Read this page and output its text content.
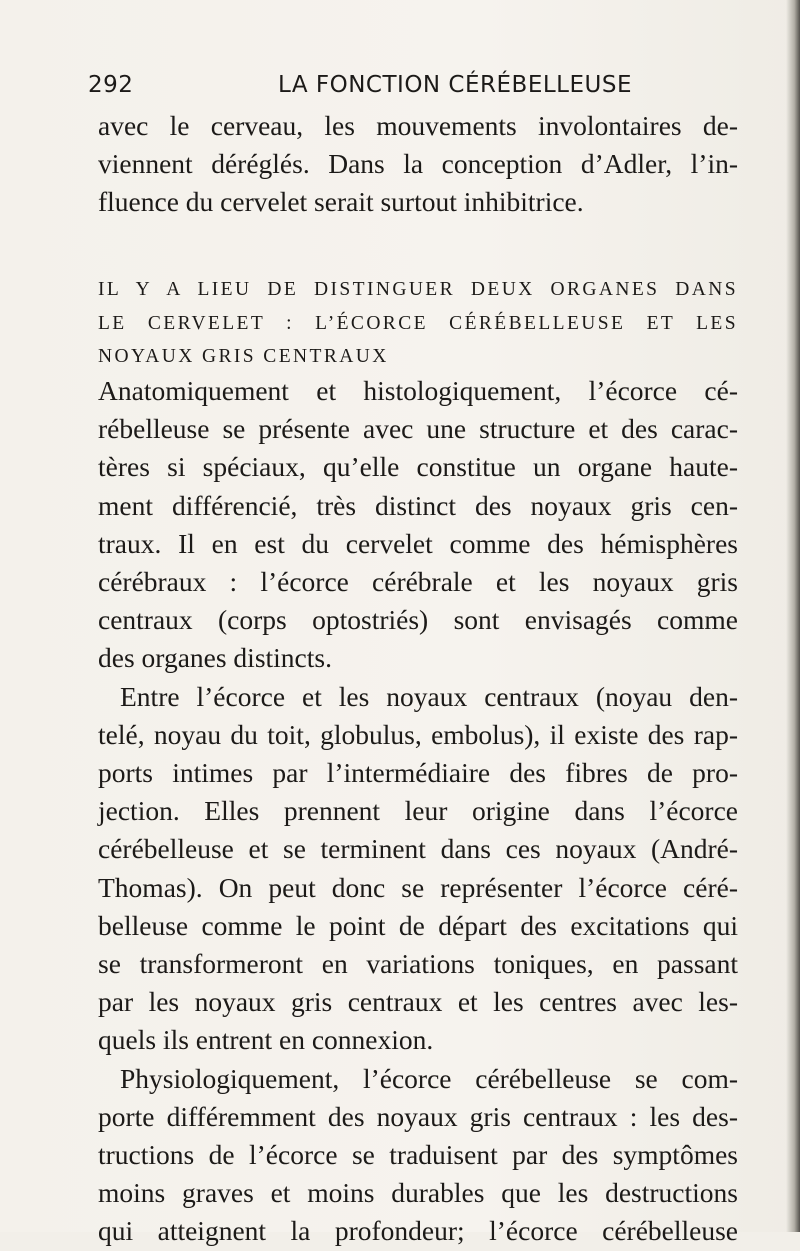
292	LA FONCTION CÉRÉBELLEUSE

avec le cerveau, les mouvements involontaires de-
viennent déréglés. Dans la conception d’Adler, l’in-
fluence du cervelet serait surtout inhibitrice.

IL Y A LIEU DE DISTINGUER DEUX ORGANES DANS
LE CERVELET : L’ÉCORCE CÉRÉBELLEUSE ET LES
NOYAUX GRIS CENTRAUX
Anatomiquement et histologiquement, l’écorce cé-
rébelleuse se présente avec une structure et des carac-
tères si spéciaux, qu’elle constitue un organe haute-
ment différencié, très distinct des noyaux gris cen-
traux. Il en est du cervelet comme des hémisphères
cérébraux : l’écorce cérébrale et les noyaux gris
centraux (corps optostriés) sont envisagés comme
des organes distincts.
Entre l’écorce et les noyaux centraux (noyau den-
telé, noyau du toit, globulus, embolus), il existe des rap-
ports intimes par l’intermédiaire des fibres de pro-
jection. Elles prennent leur origine dans l’écorce
cérébelleuse et se terminent dans ces noyaux (André-
Thomas). On peut donc se représenter l’écorce céré-
belleuse comme le point de départ des excitations qui
se transformeront en variations toniques, en passant
par les noyaux gris centraux et les centres avec les-
quels ils entrent en connexion.
Physiologiquement, l’écorce cérébelleuse se com-
porte différemment des noyaux gris centraux : les des-
tructions de l’écorce se traduisent par des symptômes
moins graves et moins durables que les destructions
qui atteignent la profondeur; l’écorce cérébelleuse
